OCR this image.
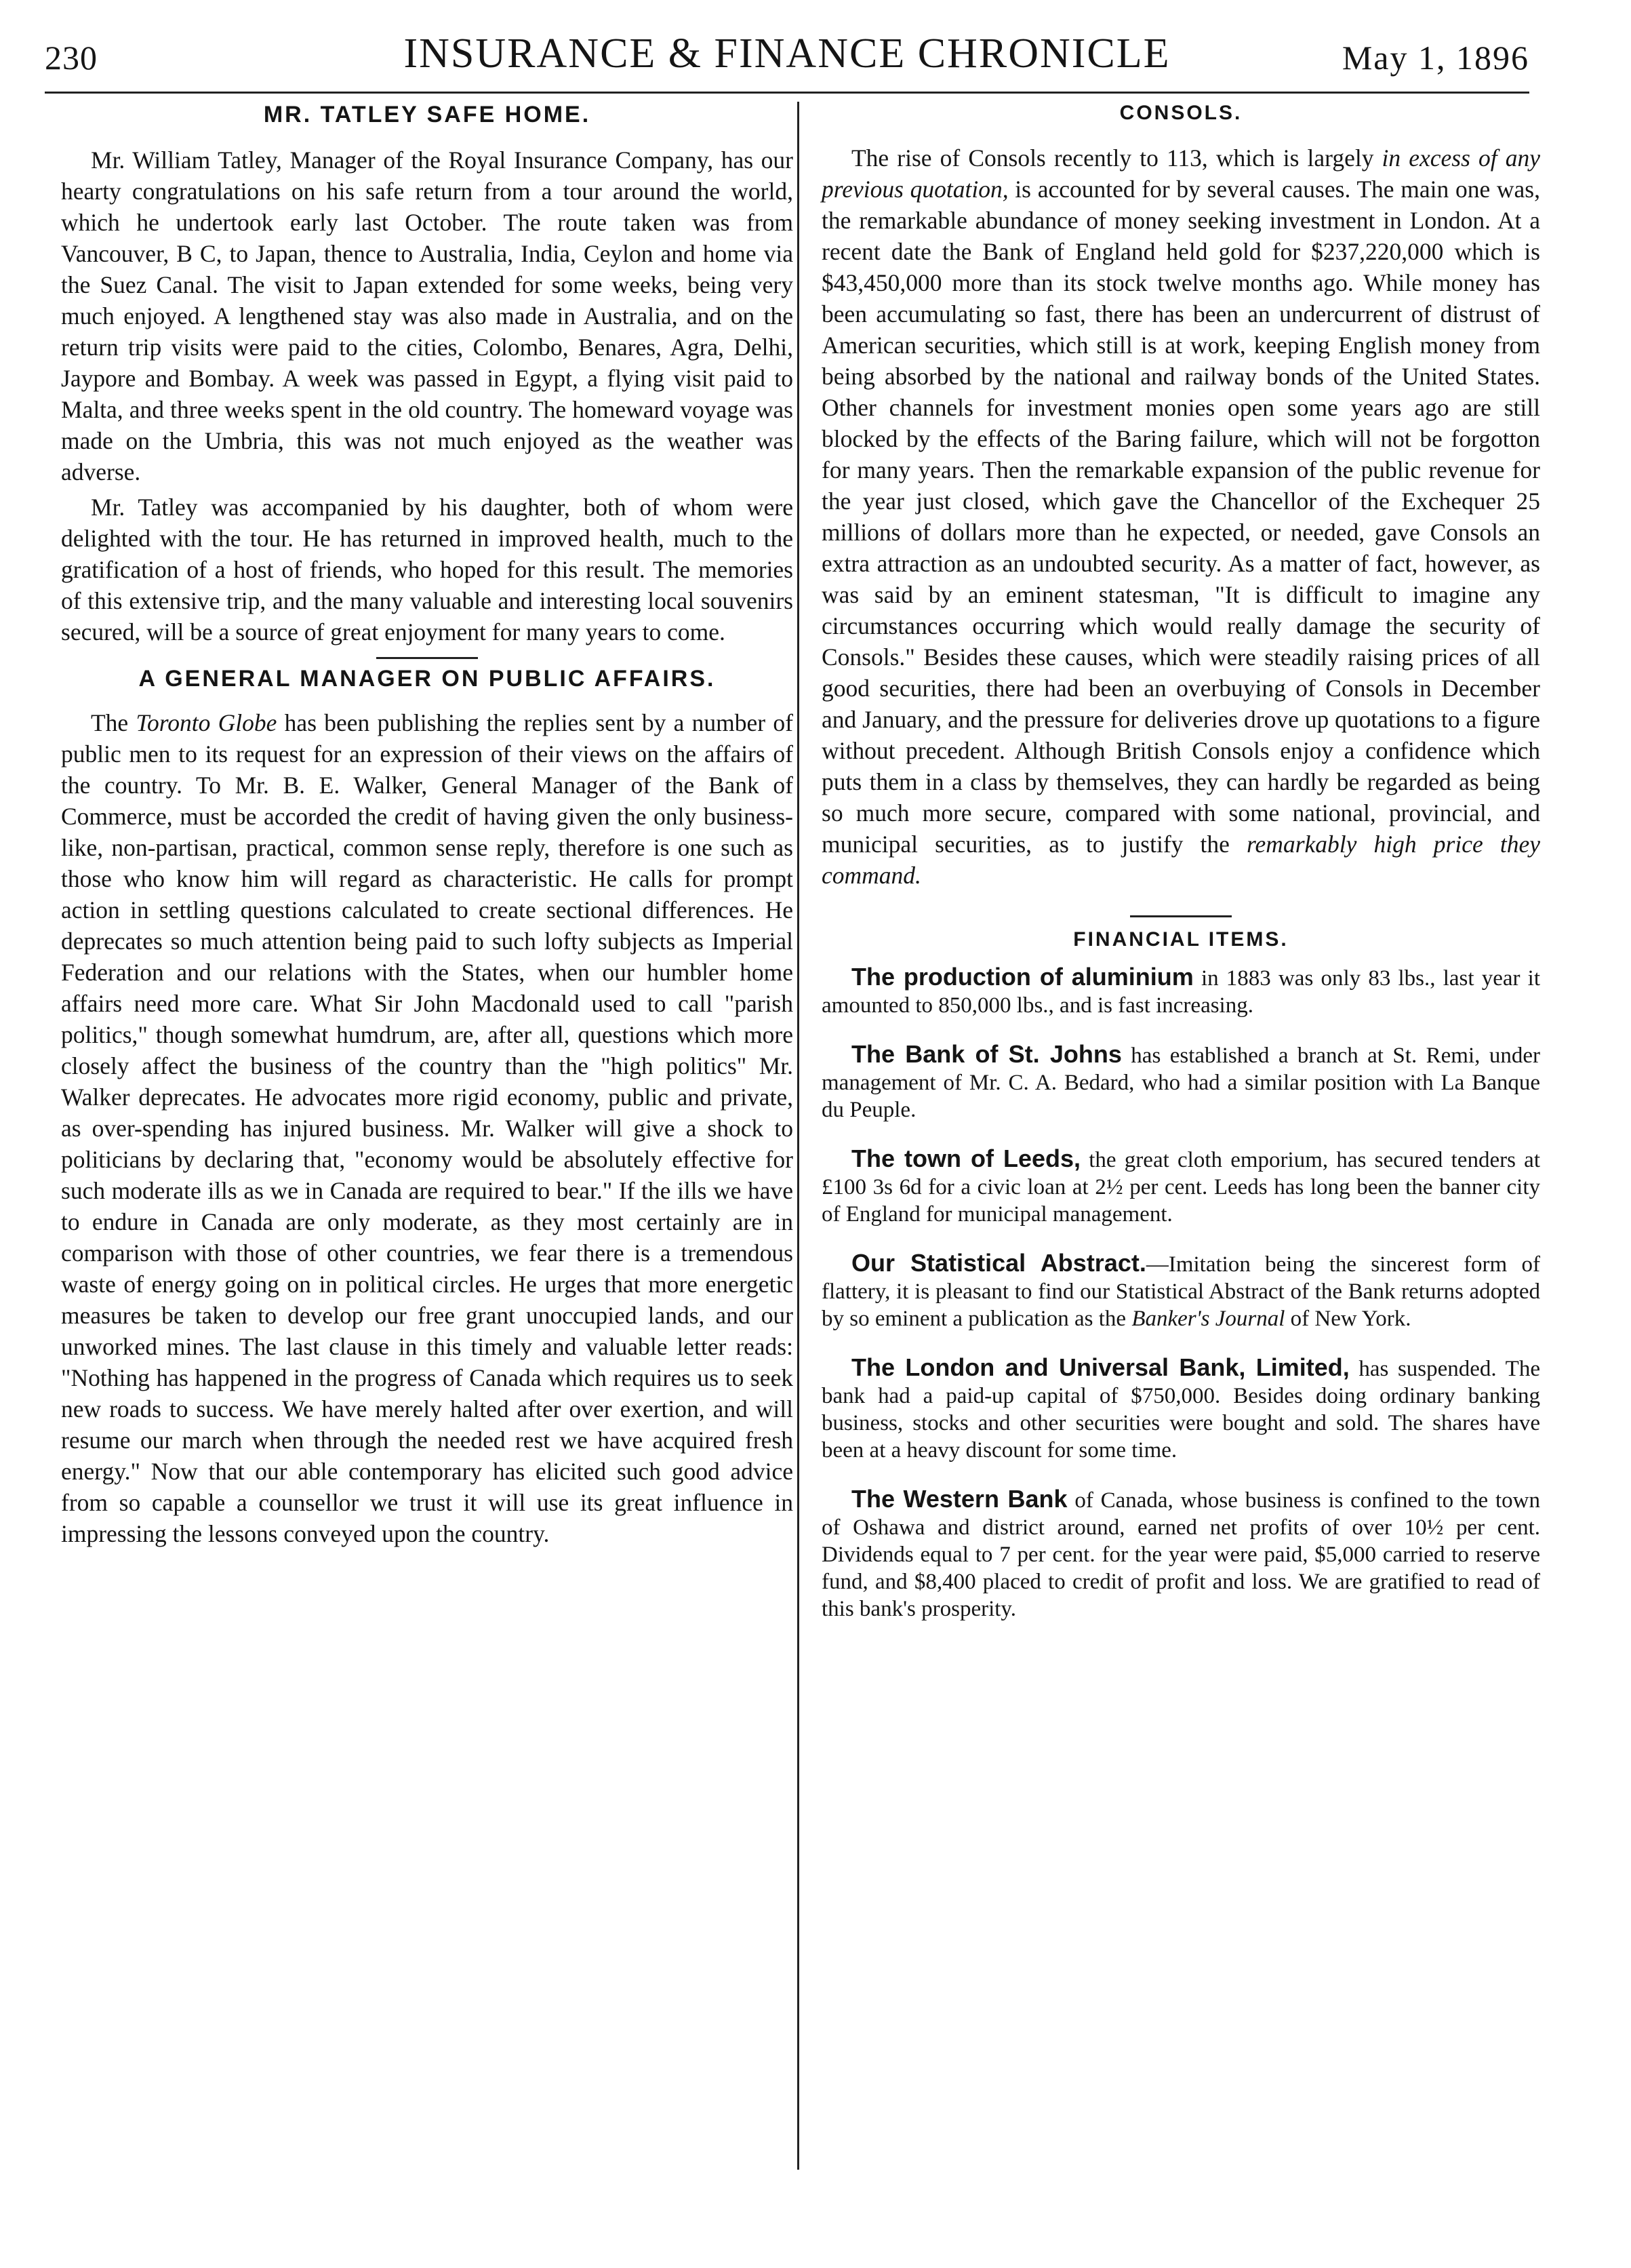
230	INSURANCE & FINANCE CHRONICLE	May 1, 1896
MR. TATLEY SAFE HOME.

Mr. William Tatley, Manager of the Royal Insurance Company, has our hearty congratulations on his safe return from a tour around the world, which he undertook early last October. The route taken was from Vancouver, B C, to Japan, thence to Australia, India, Ceylon and home via the Suez Canal. The visit to Japan extended for some weeks, being very much enjoyed. A lengthened stay was also made in Australia, and on the return trip visits were paid to the cities, Colombo, Benares, Agra, Delhi, Jaypore and Bombay. A week was passed in Egypt, a flying visit paid to Malta, and three weeks spent in the old country. The homeward voyage was made on the Umbria, this was not much enjoyed as the weather was adverse.

Mr. Tatley was accompanied by his daughter, both of whom were delighted with the tour. He has returned in improved health, much to the gratification of a host of friends, who hoped for this result. The memories of this extensive trip, and the many valuable and interesting local souvenirs secured, will be a source of great enjoyment for many years to come.

A GENERAL MANAGER ON PUBLIC AFFAIRS.

The Toronto Globe has been publishing the replies sent by a number of public men to its request for an expression of their views on the affairs of the country. To Mr. B. E. Walker, General Manager of the Bank of Commerce, must be accorded the credit of having given the only business-like, non-partisan, practical, common sense reply, therefore is one such as those who know him will regard as characteristic. He calls for prompt action in settling questions calculated to create sectional differences. He deprecates so much attention being paid to such lofty subjects as Imperial Federation and our relations with the States, when our humbler home affairs need more care. What Sir John Macdonald used to call "parish politics," though somewhat humdrum, are, after all, questions which more closely affect the business of the country than the "high politics" Mr. Walker deprecates. He advocates more rigid economy, public and private, as over-spending has injured business. Mr. Walker will give a shock to politicians by declaring that, "economy would be absolutely effective for such moderate ills as we in Canada are required to bear." If the ills we have to endure in Canada are only moderate, as they most certainly are in comparison with those of other countries, we fear there is a tremendous waste of energy going on in political circles. He urges that more energetic measures be taken to develop our free grant unoccupied lands, and our unworked mines. The last clause in this timely and valuable letter reads: "Nothing has happened in the progress of Canada which requires us to seek new roads to success. We have merely halted after over exertion, and will resume our march when through the needed rest we have acquired fresh energy." Now that our able contemporary has elicited such good advice from so capable a counsellor we trust it will use its great influence in impressing the lessons conveyed upon the country.

CONSOLS.

The rise of Consols recently to 113, which is largely in excess of any previous quotation, is accounted for by several causes. The main one was, the remarkable abundance of money seeking investment in London. At a recent date the Bank of England held gold for $237,220,000 which is $43,450,000 more than its stock twelve months ago. While money has been accumulating so fast, there has been an undercurrent of distrust of American securities, which still is at work, keeping English money from being absorbed by the national and railway bonds of the United States. Other channels for investment monies open some years ago are still blocked by the effects of the Baring failure, which will not be forgotton for many years. Then the remarkable expansion of the public revenue for the year just closed, which gave the Chancellor of the Exchequer 25 millions of dollars more than he expected, or needed, gave Consols an extra attraction as an undoubted security. As a matter of fact, however, as was said by an eminent statesman, "It is difficult to imagine any circumstances occurring which would really damage the security of Consols." Besides these causes, which were steadily raising prices of all good securities, there had been an overbuying of Consols in December and January, and the pressure for deliveries drove up quotations to a figure without precedent. Although British Consols enjoy a confidence which puts them in a class by themselves, they can hardly be regarded as being so much more secure, compared with some national, provincial, and municipal securities, as to justify the remarkably high price they command.

FINANCIAL ITEMS.

The production of aluminium in 1883 was only 83 lbs., last year it amounted to 850,000 lbs., and is fast increasing.

The Bank of St. Johns has established a branch at St. Remi, under management of Mr. C. A. Bedard, who had a similar position with La Banque du Peuple.

The town of Leeds, the great cloth emporium, has secured tenders at £100 3s 6d for a civic loan at 2½ per cent. Leeds has long been the banner city of England for municipal management.

Our Statistical Abstract.—Imitation being the sincerest form of flattery, it is pleasant to find our Statistical Abstract of the Bank returns adopted by so eminent a publication as the Banker's Journal of New York.

The London and Universal Bank, Limited, has suspended. The bank had a paid-up capital of $750,000. Besides doing ordinary banking business, stocks and other securities were bought and sold. The shares have been at a heavy discount for some time.

The Western Bank of Canada, whose business is confined to the town of Oshawa and district around, earned net profits of over 10½ per cent. Dividends equal to 7 per cent. for the year were paid, $5,000 carried to reserve fund, and $8,400 placed to credit of profit and loss. We are gratified to read of this bank's prosperity.
